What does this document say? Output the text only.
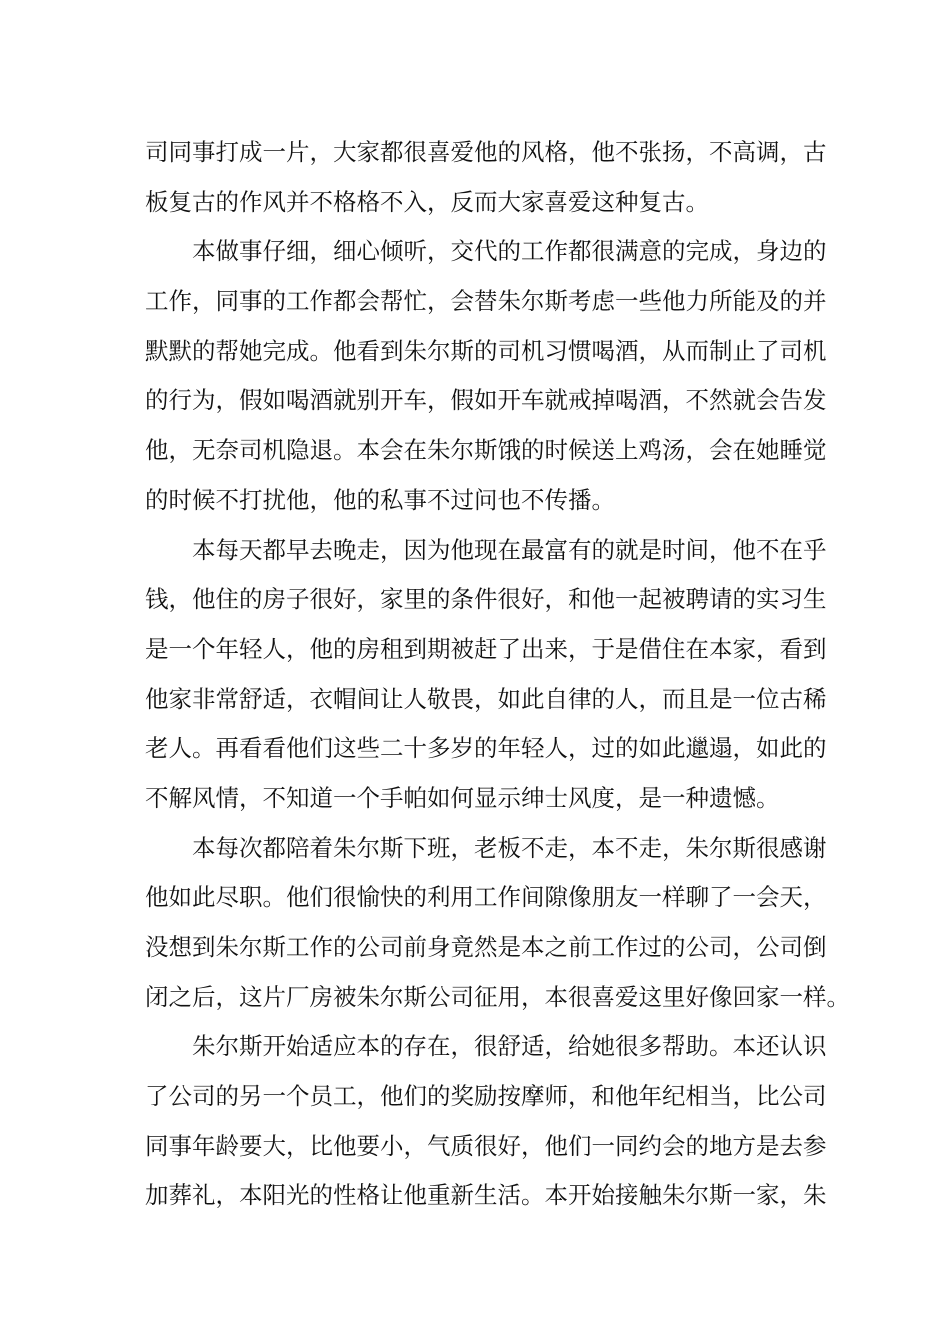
司同事打成一片，大家都很喜爱他的风格，他不张扬，不高调，古
板复古的作风并不格格不入，反而大家喜爱这种复古。
本做事仔细，细心倾听，交代的工作都很满意的完成，身边的
工作，同事的工作都会帮忙，会替朱尔斯考虑一些他力所能及的并
默默的帮她完成。他看到朱尔斯的司机习惯喝酒，从而制止了司机
的行为，假如喝酒就别开车，假如开车就戒掉喝酒，不然就会告发
他，无奈司机隐退。本会在朱尔斯饿的时候送上鸡汤，会在她睡觉
的时候不打扰他，他的私事不过问也不传播。
本每天都早去晚走，因为他现在最富有的就是时间，他不在乎
钱，他住的房子很好，家里的条件很好，和他一起被聘请的实习生
是一个年轻人，他的房租到期被赶了出来，于是借住在本家，看到
他家非常舒适，衣帽间让人敬畏，如此自律的人，而且是一位古稀
老人。再看看他们这些二十多岁的年轻人，过的如此邋遢，如此的
不解风情，不知道一个手帕如何显示绅士风度，是一种遗憾。
本每次都陪着朱尔斯下班，老板不走，本不走，朱尔斯很感谢
他如此尽职。他们很愉快的利用工作间隙像朋友一样聊了一会天，
没想到朱尔斯工作的公司前身竟然是本之前工作过的公司，公司倒
闭之后，这片厂房被朱尔斯公司征用，本很喜爱这里好像回家一样。
朱尔斯开始适应本的存在，很舒适，给她很多帮助。本还认识
了公司的另一个员工，他们的奖励按摩师，和他年纪相当，比公司
同事年龄要大，比他要小，气质很好，他们一同约会的地方是去参
加葬礼，本阳光的性格让他重新生活。本开始接触朱尔斯一家，朱
